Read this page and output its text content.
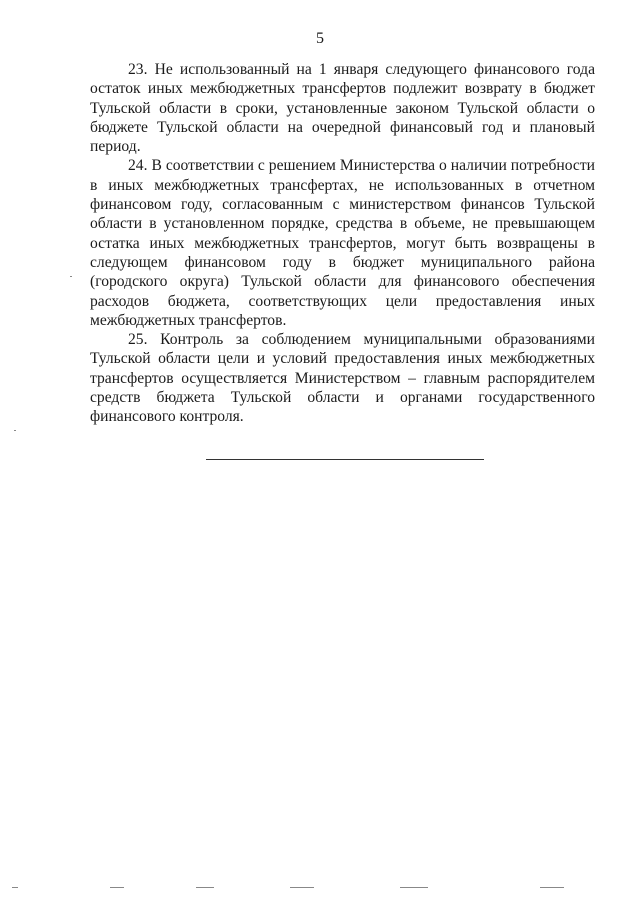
5

23. Не использованный на 1 января следующего финансового года остаток иных межбюджетных трансфертов подлежит возврату в бюджет Тульской области в сроки, установленные законом Тульской области о бюджете Тульской области на очередной финансовый год и плановый период.

24. В соответствии с решением Министерства о наличии потребности в иных межбюджетных трансфертах, не использованных в отчетном финансовом году, согласованным с министерством финансов Тульской области в установленном порядке, средства в объеме, не превышающем остатка иных межбюджетных трансфертов, могут быть возвращены в следующем финансовом году в бюджет муниципального района (городского округа) Тульской области для финансового обеспечения расходов бюджета, соответствующих цели предоставления иных межбюджетных трансфертов.

25. Контроль за соблюдением муниципальными образованиями Тульской области цели и условий предоставления иных межбюджетных трансфертов осуществляется Министерством – главным распорядителем средств бюджета Тульской области и органами государственного финансового контроля.
